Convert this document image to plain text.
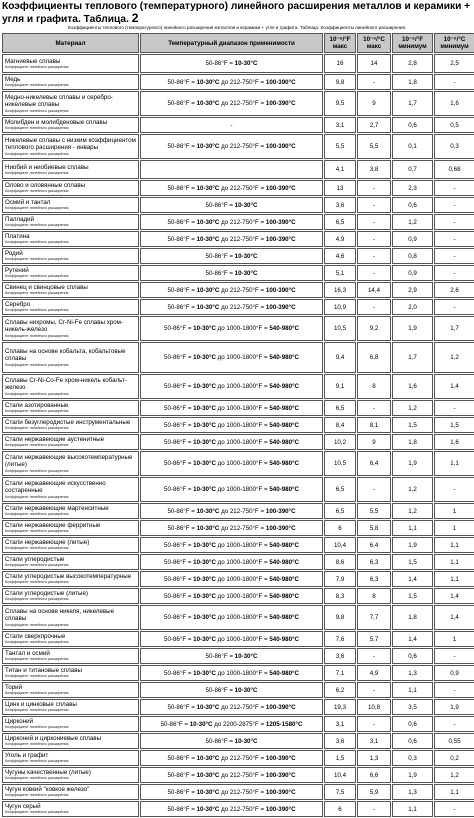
Коэффициенты теплового (температурного) линейного расширения металлов и керамики + угля и графита. Таблица. 2
Коэффициенты теплового (температурного) линейного расширения металлов и керамики + угля и графита. Таблица. Коэффициенты линейного расширения.
Материал	Температурный диапазон применимости	10⁻⁶/°F макс	10⁻⁶/°C макс	10⁻⁶/°F минимум	10⁻⁶/°C минимум
Магниевые сплавы
Коэффициент линейного расширения	50-86°F = 10-30°C	16	14	2,8	2,5
Медь
Коэффициент линейного расширения	50-86°F = 10-30°C до 212-750°F = 100-390°C	9,8	-	1,8	-
Медно-никелевые сплавы и серебро-никелевые сплавы
Коэффициент линейного расширения	50-86°F = 10-30°C до 212-750°F = 100-390°C	9,5	9	1,7	1,6
Молибден и молибденовые сплавы
Коэффициент линейного расширения	-	3,1	2,7	0,6	0,5
Никелевые сплавы с низким коэффициентом теплового расширения - инвары
Коэффициент линейного расширения	50-86°F = 10-30°C до 212-750°F = 100-390°C	5,5	5,5	0,1	0,3
Ниобий и ниобиевые сплавы
Коэффициент линейного расширения		4,1	3,8	0,7	0,68
Олово и оловянные сплавы
Коэффициент линейного расширения	50-86°F = 10-30°C до 212-750°F = 100-390°C	13	-	2,3	-
Осмий и тантал
Коэффициент линейного расширения	50-86°F = 10-30°C	3,6	-	0,6	-
Палладий
Коэффициент линейного расширения	50-86°F = 10-30°C до 212-750°F = 100-390°C	6,5	-	1,2	-
Платина
Коэффициент линейного расширения	50-86°F = 10-30°C до 212-750°F = 100-390°C	4,9	-	0,9	-
Родий
Коэффициент линейного расширения	50-86°F = 10-30°C	4,6	-	0,8	-
Рутений
Коэффициент линейного расширения	50-86°F = 10-30°C	5,1	-	0,9	-
Свинец и свинцовые сплавы
Коэффициент линейного расширения	50-86°F = 10-30°C до 212-750°F = 100-390°C	16,3	14,4	2,9	2,6
Серебро
Коэффициент линейного расширения	50-86°F = 10-30°C до 212-750°F = 100-390°C	10,9	-	2,0	-
Сплавы нихромы, Cr-Ni-Fe сплавы хром-никель-железо
Коэффициент линейного расширения	50-86°F = 10-30°C до 1000-1800°F = 540-980°C	10,5	9,2	1,9	1,7
Сплавы на основе кобальта, кобальтовые сплавы
Коэффициент линейного расширения	50-86°F = 10-30°C до 1000-1800°F = 540-980°C	9,4	6,8	1,7	1,2
Сплавы Cr-Ni-Co-Fe хром-никель кобальт-железо
Коэффициент линейного расширения	50-86°F = 10-30°C до 1000-1800°F = 540-980°C	9,1	8	1,6	1,4
Стали азотированные
Коэффициент линейного расширения	50-86°F = 10-30°C до 1000-1800°F = 540-980°C	6,5	-	1,2	-
Стали безуглеродистые инструментальные
Коэффициент линейного расширения	50-86°F = 10-30°C до 1000-1800°F = 540-980°C	8,4	8,1	1,5	1,5
Стали нержавеющие аустенитные
Коэффициент линейного расширения	50-86°F = 10-30°C до 1000-1800°F = 540-980°C	10,2	9	1,8	1,6
Стали нержавеющие высокотемпературные (литые)
Коэффициент линейного расширения	50-86°F = 10-30°C до 1000-1800°F = 540-980°C	10,5	6,4	1,9	1,1
Стали нержавеющие искусственно состаренные
Коэффициент линейного расширения	50-86°F = 10-30°C до 1000-1800°F = 540-980°C	6,5	-	1,2	-
Стали нержавеющие мартенситные
Коэффициент линейного расширения	50-86°F = 10-30°C до 212-750°F = 100-390°C	6,5	5,5	1,2	1
Стали нержавеющие ферритные
Коэффициент линейного расширения	50-86°F = 10-30°C до 212-750°F = 100-390°C	6	5,8	1,1	1
Стали нержавеющие (литые)
Коэффициент линейного расширения	50-86°F = 10-30°C до 1000-1800°F = 540-980°C	10,4	6,4	1,9	1,1
Стали углеродистые
Коэффициент линейного расширения	50-86°F = 10-30°C до 1000-1800°F = 540-980°C	8,6	6,3	1,5	1,1
Стали углеродистые высокотемпературные
Коэффициент линейного расширения	50-86°F = 10-30°C до 1000-1800°F = 540-980°C	7,9	6,3	1,4	1,1
Стали углеродистые (литые)
Коэффициент линейного расширения	50-86°F = 10-30°C до 1000-1800°F = 540-980°C	8,3	8	1,5	1,4
Сплавы на основе никеля, никелевые сплавы
Коэффициент линейного расширения	50-86°F = 10-30°C до 1000-1800°F = 540-980°C	9,8	7,7	1,8	1,4
Стали сверхпрочные
Коэффициент линейного расширения	50-86°F = 10-30°C до 1000-1800°F = 540-980°C	7,6	5,7	1,4	1
Тантал и осмий
Коэффициент линейного расширения	50-86°F = 10-30°C	3,6	-	0,6	-
Титан и титановые сплавы
Коэффициент линейного расширения	50-86°F = 10-30°C до 1000-1800°F = 540-980°C	7,1	4,9	1,3	0,9
Торий
Коэффициент линейного расширения	50-86°F = 10-30°C	6,2	-	1,1	-
Цинк и цинковые сплавы
Коэффициент линейного расширения	50-86°F = 10-30°C до 212-750°F = 100-390°C	19,3	10,8	3,5	1,9
Цирконий
Коэффициент линейного расширения	50-86°F = 10-30°C до 2200-2875°F = 1205-1580°C	3,1	-	0,6	-
Цирконий и циркониевые сплавы
Коэффициент линейного расширения	50-86°F = 10-30°C	3,6	3,1	0,6	0,55
Уголь и графит
Коэффициент линейного расширения	50-86°F = 10-30°C до 212-750°F = 100-390°C	1,5	1,3	0,3	0,2
Чугуны качественные (литые)
Коэффициент линейного расширения	50-86°F = 10-30°C до 212-750°F = 100-390°C	10,4	6,6	1,9	1,2
Чугун ковкий "ковкое железо"
Коэффициент линейного расширения	50-86°F = 10-30°C до 212-750°F = 100-390°C	7,5	5,9	1,3	1,1
Чугун серый
Коэффициент линейного расширения	50-86°F = 10-30°C до 212-750°F = 100-390°C	6	-	1,1	-
